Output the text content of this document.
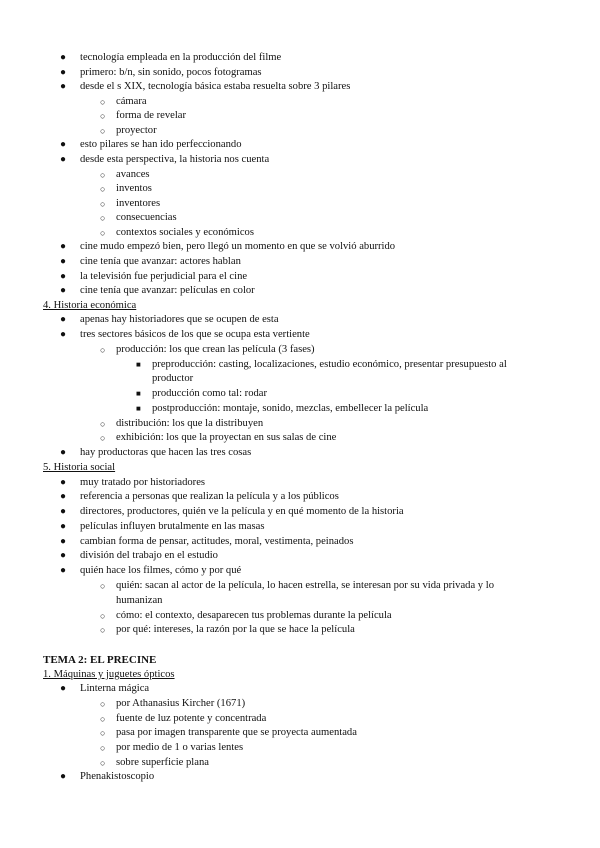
● tecnología empleada en la producción del filme
● primero: b/n, sin sonido, pocos fotogramas
● desde el s XIX, tecnología básica estaba resuelta sobre 3 pilares
○ cámara
○ forma de revelar
○ proyector
● esto pilares se han ido perfeccionando
● desde esta perspectiva, la historia nos cuenta
○ avances
○ inventos
○ inventores
○ consecuencias
○ contextos sociales y económicos
● cine mudo empezó bien, pero llegó un momento en que se volvió aburrido
● cine tenía que avanzar: actores hablan
● la televisión fue perjudicial para el cine
● cine tenía que avanzar: películas en color
4. Historia económica
● apenas hay historiadores que se ocupen de esta
● tres sectores básicos de los que se ocupa esta vertiente
○ producción: los que crean las película (3 fases)
■ preproducción: casting, localizaciones, estudio económico, presentar presupuesto al
productor
■ producción como tal: rodar
■ postproducción: montaje, sonido, mezclas, embellecer la película
○ distribución: los que la distribuyen
○ exhibición: los que la proyectan en sus salas de cine
● hay productoras que hacen las tres cosas
5. Historia social
● muy tratado por historiadores
● referencia a personas que realizan la película y a los públicos
● directores, productores, quién ve la película y en qué momento de la historia
● películas influyen brutalmente en las masas
● cambian forma de pensar, actitudes, moral, vestimenta, peinados
● división del trabajo en el estudio
● quién hace los filmes, cómo y por qué
○ quién: sacan al actor de la película, lo hacen estrella, se interesan por su vida privada y lo
humanizan
○ cómo: el contexto, desaparecen tus problemas durante la película
○ por qué: intereses, la razón por la que se hace la película
TEMA 2: EL PRECINE
1. Máquinas y juguetes ópticos
● Linterna mágica
○ por Athanasius Kircher (1671)
○ fuente de luz potente y concentrada
○ pasa por imagen transparente que se proyecta aumentada
○ por medio de 1 o varias lentes
○ sobre superficie plana
● Phenakistoscopio
